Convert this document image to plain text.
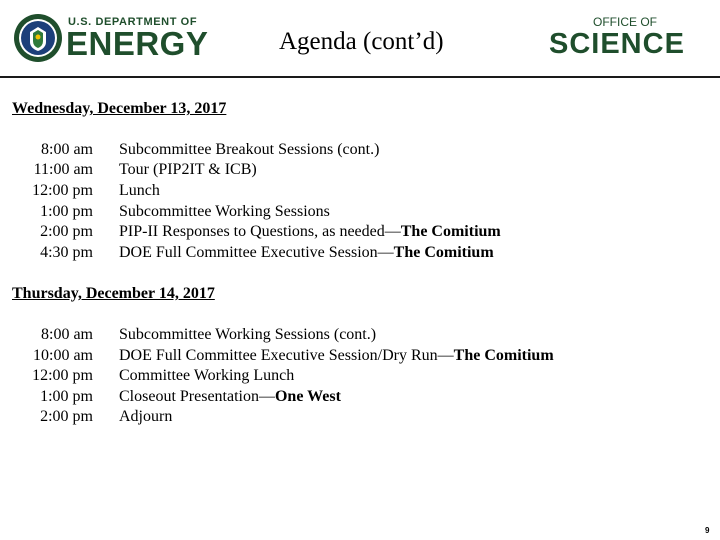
U.S. DEPARTMENT OF
ENERGY	Agenda (cont’d)
OFFICE OF
SCIENCE
Wednesday, December 13, 2017
8:00 am Subcommittee Breakout Sessions (cont.)
11:00 am Tour (PIP2IT & ICB)
12:00 pm Lunch
1:00 pm Subcommittee Working Sessions
2:00 pm PIP-II Responses to Questions, as needed—The Comitium
4:30 pm DOE Full Committee Executive Session—The Comitium
Thursday, December 14, 2017
8:00 am Subcommittee Working Sessions (cont.)
10:00 am DOE Full Committee Executive Session/Dry Run—The Comitium
12:00 pm Committee Working Lunch
1:00 pm Closeout Presentation—One West
2:00 pm Adjourn
9
